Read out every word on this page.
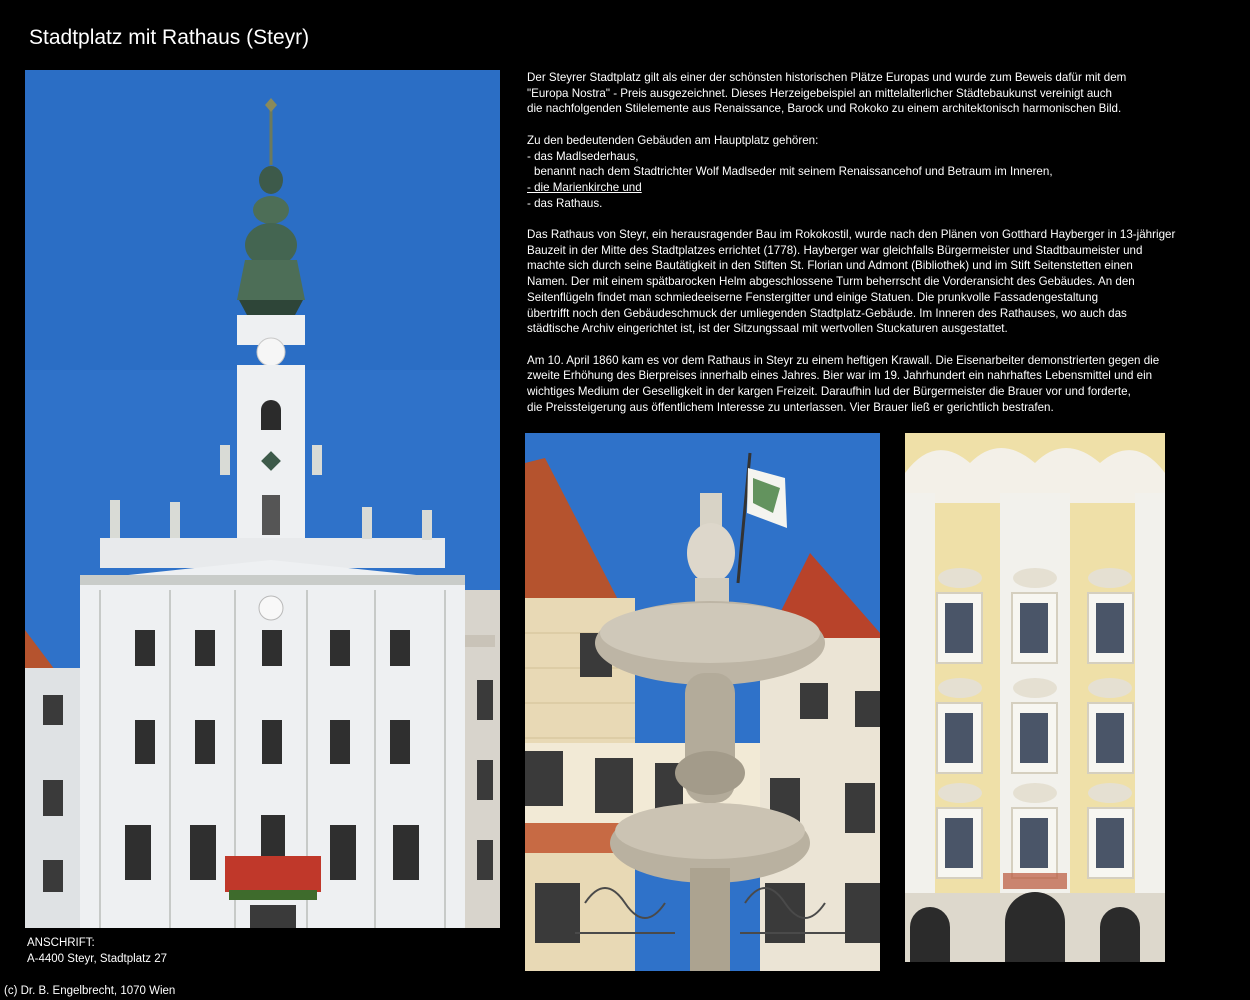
Stadtplatz mit Rathaus (Steyr)

Der Steyrer Stadtplatz gilt als einer der schönsten historischen Plätze Europas und wurde zum Beweis dafür mit dem
"Europa Nostra" - Preis ausgezeichnet. Dieses Herzeigebeispiel an mittelalterlicher Städtebaukunst vereinigt auch
die nachfolgenden Stilelemente aus Renaissance, Barock und Rokoko zu einem architektonisch harmonischen Bild.

Zu den bedeutenden Gebäuden am Hauptplatz gehören:
- das Madlsederhaus,
benannt nach dem Stadtrichter Wolf Madlseder mit seinem Renaissancehof und Betraum im Inneren,
- die Marienkirche und
- das Rathaus.

Das Rathaus von Steyr, ein herausragender Bau im Rokokostil, wurde nach den Plänen von Gotthard Hayberger in 13-jähriger
Bauzeit in der Mitte des Stadtplatzes errichtet (1778). Hayberger war gleichfalls Bürgermeister und Stadtbaumeister und
machte sich durch seine Bautätigkeit in den Stiften St. Florian und Admont (Bibliothek) und im Stift Seitenstetten einen
Namen. Der mit einem spätbarocken Helm abgeschlossene Turm beherrscht die Vorderansicht des Gebäudes. An den
Seitenflügeln findet man schmiedeeiserne Fenstergitter und einige Statuen. Die prunkvolle Fassadengestaltung
übertrifft noch den Gebäudeschmuck der umliegenden Stadtplatz-Gebäude. Im Inneren des Rathauses, wo auch das
städtische Archiv eingerichtet ist, ist der Sitzungssaal mit wertvollen Stuckaturen ausgestattet.

Am 10. April 1860 kam es vor dem Rathaus in Steyr zu einem heftigen Krawall. Die Eisenarbeiter demonstrierten gegen die
zweite Erhöhung des Bierpreises innerhalb eines Jahres. Bier war im 19. Jahrhundert ein nahrhaftes Lebensmittel und ein
wichtiges Medium der Geselligkeit in der kargen Freizeit. Daraufhin lud der Bürgermeister die Brauer vor und forderte,
die Preissteigerung aus öffentlichem Interesse zu unterlassen. Vier Brauer ließ er gerichtlich bestrafen.

ANSCHRIFT:
A-4400 Steyr, Stadtplatz 27
(c) Dr. B. Engelbrecht, 1070 Wien
